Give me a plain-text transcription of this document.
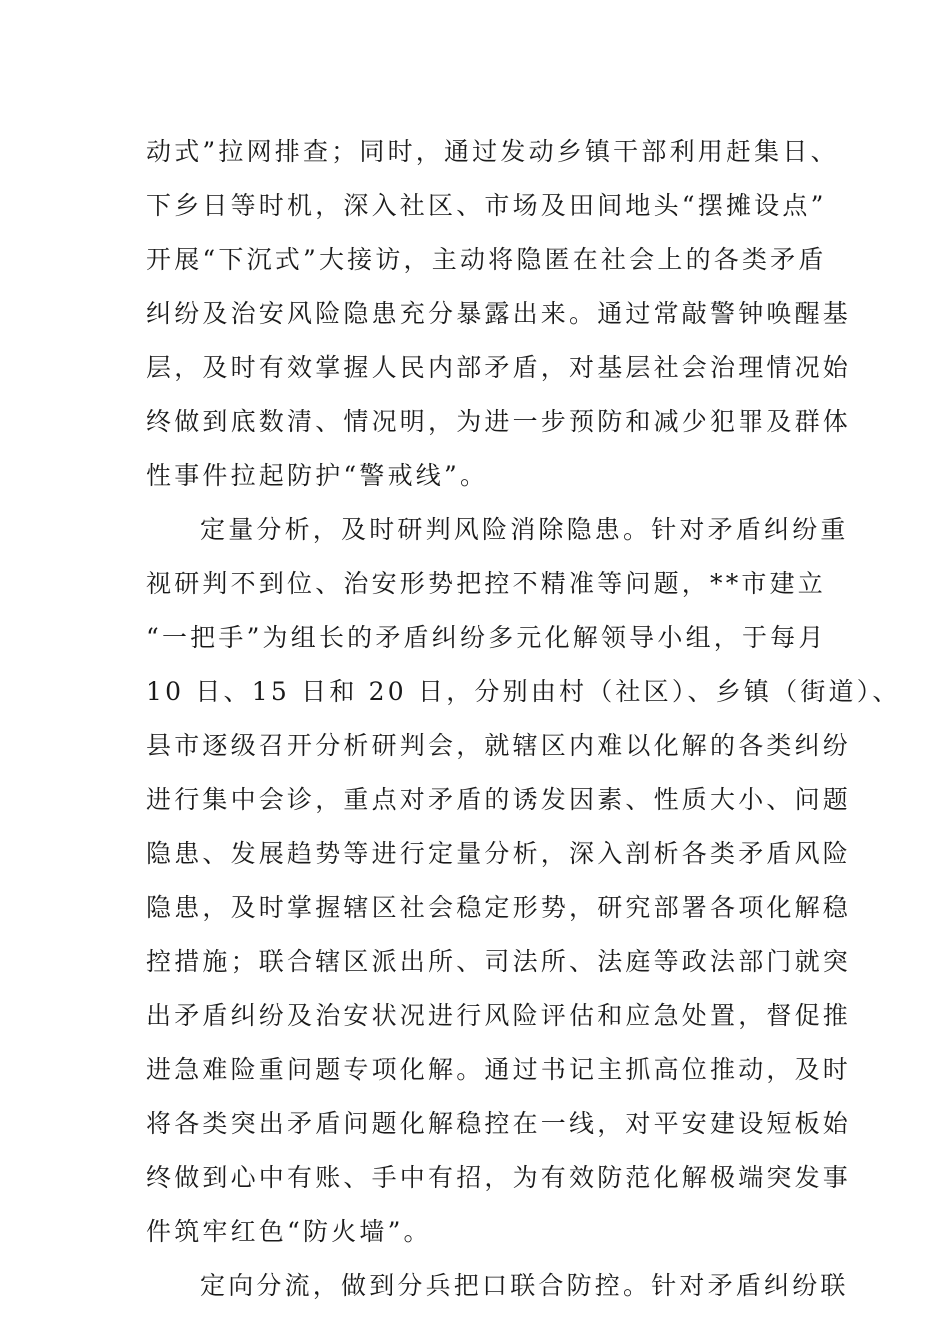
动式”拉网排查；同时，通过发动乡镇干部利用赶集日、

下乡日等时机，深入社区、市场及田间地头“摆摊设点”

开展“下沉式”大接访，主动将隐匿在社会上的各类矛盾

纠纷及治安风险隐患充分暴露出来。通过常敲警钟唤醒基

层，及时有效掌握人民内部矛盾，对基层社会治理情况始

终做到底数清、情况明，为进一步预防和减少犯罪及群体

性事件拉起防护“警戒线”。

定量分析，及时研判风险消除隐患。针对矛盾纠纷重

视研判不到位、治安形势把控不精准等问题，**市建立

“一把手”为组长的矛盾纠纷多元化解领导小组，于每月

10 日、15 日和 20 日，分别由村（社区）、乡镇（街道）、

县市逐级召开分析研判会，就辖区内难以化解的各类纠纷

进行集中会诊，重点对矛盾的诱发因素、性质大小、问题

隐患、发展趋势等进行定量分析，深入剖析各类矛盾风险

隐患，及时掌握辖区社会稳定形势，研究部署各项化解稳

控措施；联合辖区派出所、司法所、法庭等政法部门就突

出矛盾纠纷及治安状况进行风险评估和应急处置，督促推

进急难险重问题专项化解。通过书记主抓高位推动，及时

将各类突出矛盾问题化解稳控在一线，对平安建设短板始

终做到心中有账、手中有招，为有效防范化解极端突发事

件筑牢红色“防火墙”。

定向分流，做到分兵把口联合防控。针对矛盾纠纷联
